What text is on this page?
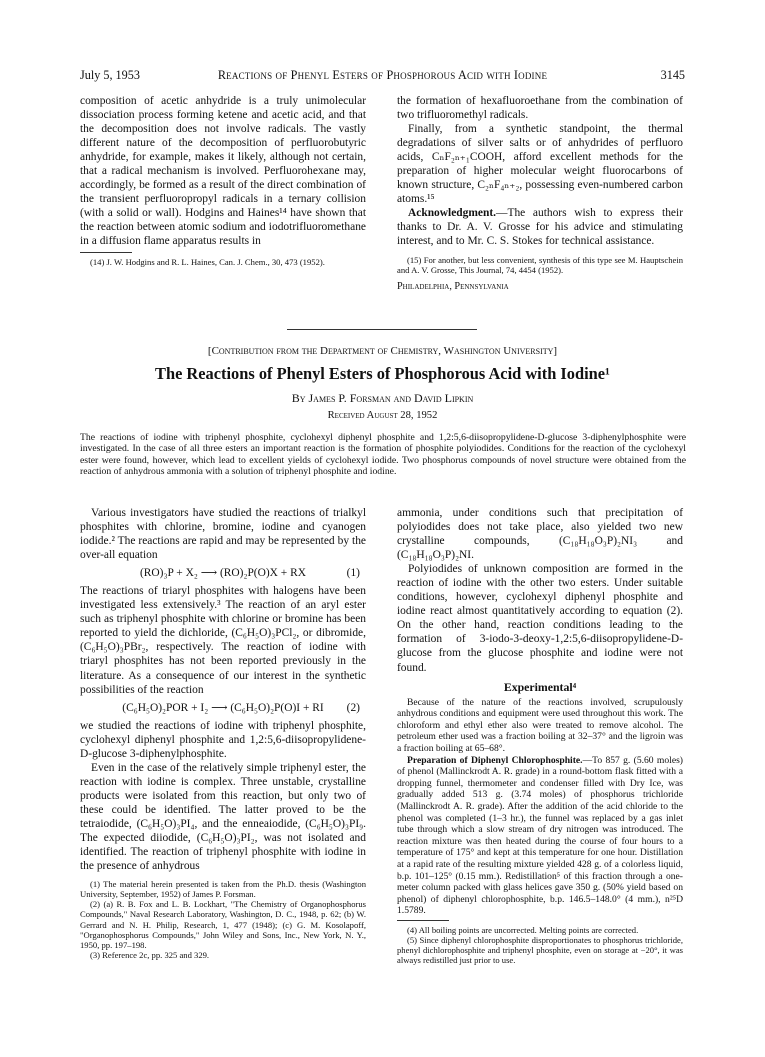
July 5, 1953	Reactions of Phenyl Esters of Phosphorous Acid with Iodine	3145

composition of acetic anhydride is a truly unimolecular dissociation process forming ketene and acetic acid, and that the decomposition does not involve radicals. The vastly different nature of the decomposition of perfluorobutyric anhydride, for example, makes it likely, although not certain, that a radical mechanism is involved. Perfluorohexane may, accordingly, be formed as a result of the direct combination of the transient perfluoropropyl radicals in a ternary collision (with a solid or wall). Hodgins and Haines¹⁴ have shown that the reaction between atomic sodium and iodotrifluoromethane in a diffusion flame apparatus results in

(14) J. W. Hodgins and R. L. Haines, Can. J. Chem., 30, 473 (1952).

the formation of hexafluoroethane from the combination of two trifluoromethyl radicals.

Finally, from a synthetic standpoint, the thermal degradations of silver salts or of anhydrides of perfluoro acids, CₙF₂ₙ₊₁COOH, afford excellent methods for the preparation of higher molecular weight fluorocarbons of known structure, C₂ₙF₄ₙ₊₂, possessing even-numbered carbon atoms.¹⁵

Acknowledgment.—The authors wish to express their thanks to Dr. A. V. Grosse for his advice and stimulating interest, and to Mr. C. S. Stokes for technical assistance.

(15) For another, but less convenient, synthesis of this type see M. Hauptschein and A. V. Grosse, This Journal, 74, 4454 (1952).

Philadelphia, Pennsylvania
[Contribution from the Department of Chemistry, Washington University]
The Reactions of Phenyl Esters of Phosphorous Acid with Iodine¹
By James P. Forsman and David Lipkin
Received August 28, 1952
The reactions of iodine with triphenyl phosphite, cyclohexyl diphenyl phosphite and 1,2:5,6-diisopropylidene-D-glucose 3-diphenylphosphite were investigated. In the case of all three esters an important reaction is the formation of phosphite polyiodides. Conditions for the reaction of the cyclohexyl ester were found, however, which lead to excellent yields of cyclohexyl iodide. Two phosphorus compounds of novel structure were obtained from the reaction of anhydrous ammonia with a solution of triphenyl phosphite and iodine.

Various investigators have studied the reactions of trialkyl phosphites with chlorine, bromine, iodine and cyanogen iodide.² The reactions are rapid and may be represented by the over-all equation

(RO)₃P + X₂ ⟶ (RO)₂P(O)X + RX	(1)

The reactions of triaryl phosphites with halogens have been investigated less extensively.³ The reaction of an aryl ester such as triphenyl phosphite with chlorine or bromine has been reported to yield the dichloride, (C₆H₅O)₃PCl₂, or dibromide, (C₆H₅O)₃PBr₂, respectively. The reaction of iodine with triaryl phosphites has not been reported previously in the literature. As a consequence of our interest in the synthetic possibilities of the reaction

(C₆H₅O)₂POR + I₂ ⟶ (C₆H₅O)₂P(O)I + RI (2)

we studied the reactions of iodine with triphenyl phosphite, cyclohexyl diphenyl phosphite and 1,2:5,6-diisopropylidene-D-glucose 3-diphenylphosphite.

Even in the case of the relatively simple triphenyl ester, the reaction with iodine is complex. Three unstable, crystalline products were isolated from this reaction, but only two of these could be identified. The latter proved to be the tetraiodide, (C₆H₅O)₃PI₄, and the enneaiodide, (C₆H₅O)₃PI₉. The expected diiodide, (C₆H₅O)₃PI₂, was not isolated and identified. The reaction of triphenyl phosphite with iodine in the presence of anhydrous

(1) The material herein presented is taken from the Ph.D. thesis (Washington University, September, 1952) of James P. Forsman.

(2) (a) R. B. Fox and L. B. Lockhart, "The Chemistry of Organophosphorus Compounds," Naval Research Laboratory, Washington, D. C., 1948, p. 62; (b) W. Gerrard and N. H. Philip, Research, 1, 477 (1948); (c) G. M. Kosolapoff, "Organophosphorus Compounds," John Wiley and Sons, Inc., New York, N. Y., 1950, pp. 197–198.

(3) Reference 2c, pp. 325 and 329.

ammonia, under conditions such that precipitation of polyiodides does not take place, also yielded two new crystalline compounds, (C₁₈H₁₈O₃P)₂NI₃ and (C₁₈H₁₈O₃P)₂NI.

Polyiodides of unknown composition are formed in the reaction of iodine with the other two esters. Under suitable conditions, however, cyclohexyl diphenyl phosphite and iodine react almost quantitatively according to equation (2). On the other hand, reaction conditions leading to the formation of 3-iodo-3-deoxy-1,2:5,6-diisopropylidene-D-glucose from the glucose phosphite and iodine were not found.

Experimental⁴

Because of the nature of the reactions involved, scrupulously anhydrous conditions and equipment were used throughout this work. The chloroform and ethyl ether also were treated to remove alcohol. The petroleum ether used was a fraction boiling at 32–37° and the ligroin was a fraction boiling at 65–68°.

Preparation of Diphenyl Chlorophosphite.—To 857 g. (5.60 moles) of phenol (Mallinckrodt A. R. grade) in a round-bottom flask fitted with a dropping funnel, thermometer and condenser filled with Dry Ice, was gradually added 513 g. (3.74 moles) of phosphorus trichloride (Mallinckrodt A. R. grade). After the addition of the acid chloride to the phenol was completed (1–3 hr.), the funnel was replaced by a gas inlet tube through which a slow stream of dry nitrogen was introduced. The reaction mixture was then heated during the course of four hours to a temperature of 175° and kept at this temperature for one hour. Distillation at a rapid rate of the resulting mixture yielded 428 g. of a colorless liquid, b.p. 101–125° (0.15 mm.). Redistillation⁵ of this fraction through a one-meter column packed with glass helices gave 350 g. (50% yield based on phenol) of diphenyl chlorophosphite, b.p. 146.5–148.0° (4 mm.), n²⁵D 1.5789.

(4) All boiling points are uncorrected. Melting points are corrected.

(5) Since diphenyl chlorophosphite disproportionates to phosphorus trichloride, phenyl dichlorophosphite and triphenyl phosphite, even on storage at −20°, it was always redistilled just prior to use.
